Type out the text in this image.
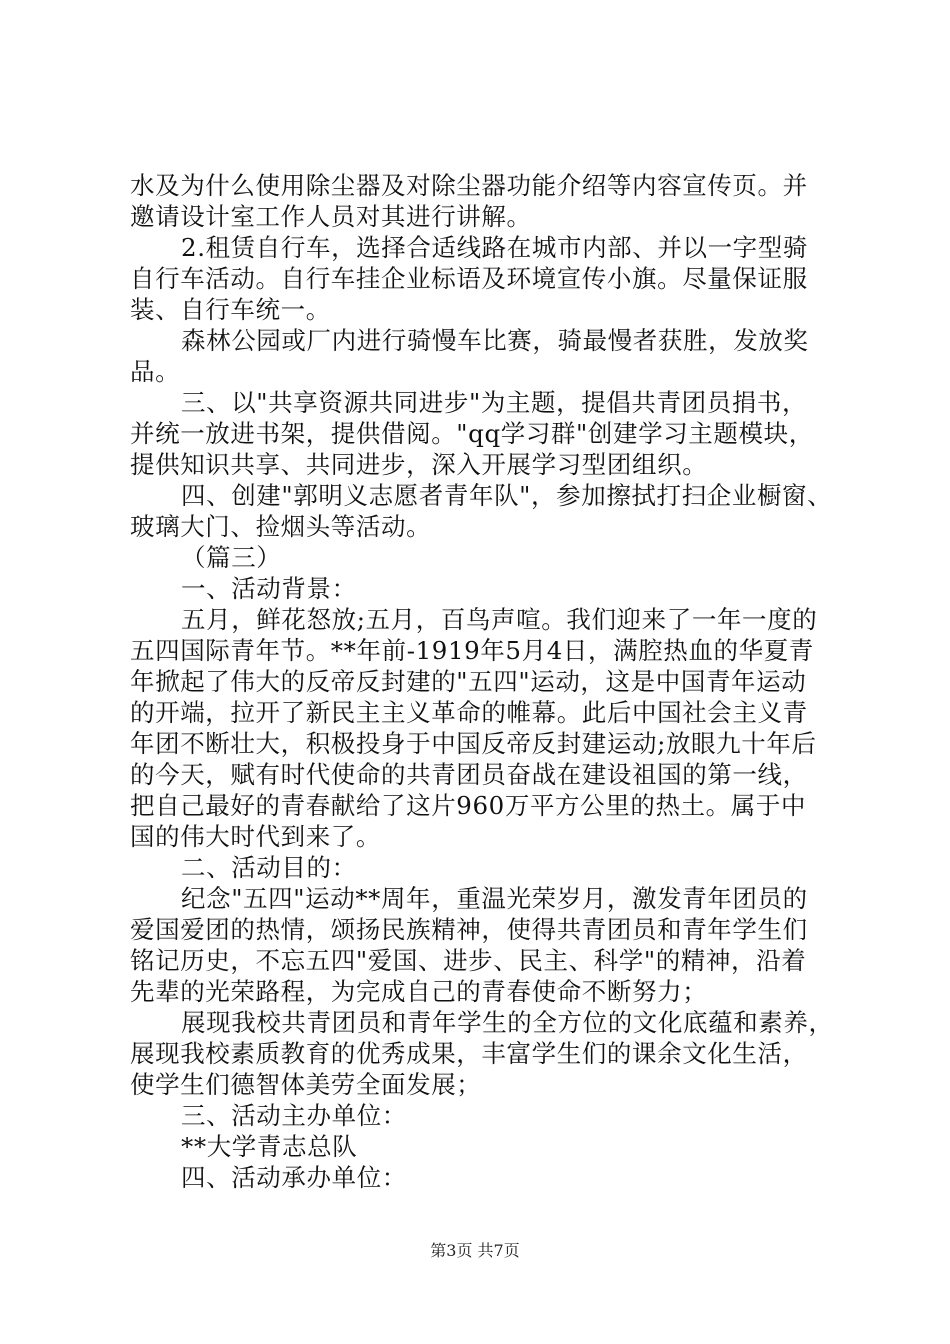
水及为什么使用除尘器及对除尘器功能介绍等内容宣传页。并
邀请设计室工作人员对其进行讲解。
2.租赁自行车，选择合适线路在城市内部、并以一字型骑
自行车活动。自行车挂企业标语及环境宣传小旗。尽量保证服
装、自行车统一。
森林公园或厂内进行骑慢车比赛，骑最慢者获胜，发放奖
品。
三、以"共享资源共同进步"为主题，提倡共青团员捐书，
并统一放进书架，提供借阅。"qq学习群"创建学习主题模块，
提供知识共享、共同进步，深入开展学习型团组织。
四、创建"郭明义志愿者青年队"，参加擦拭打扫企业橱窗、
玻璃大门、捡烟头等活动。
（篇三）
一、活动背景：
五月，鲜花怒放;五月，百鸟声喧。我们迎来了一年一度的
五四国际青年节。**年前-1919年5月4日，满腔热血的华夏青
年掀起了伟大的反帝反封建的"五四"运动，这是中国青年运动
的开端，拉开了新民主主义革命的帷幕。此后中国社会主义青
年团不断壮大，积极投身于中国反帝反封建运动;放眼九十年后
的今天，赋有时代使命的共青团员奋战在建设祖国的第一线，
把自己最好的青春献给了这片960万平方公里的热土。属于中
国的伟大时代到来了。
二、活动目的：
纪念"五四"运动**周年，重温光荣岁月，激发青年团员的
爱国爱团的热情，颂扬民族精神，使得共青团员和青年学生们
铭记历史，不忘五四"爱国、进步、民主、科学"的精神，沿着
先辈的光荣路程，为完成自己的青春使命不断努力；
展现我校共青团员和青年学生的全方位的文化底蕴和素养，
展现我校素质教育的优秀成果，丰富学生们的课余文化生活，
使学生们德智体美劳全面发展；
三、活动主办单位：
**大学青志总队
四、活动承办单位：
第3页 共7页
